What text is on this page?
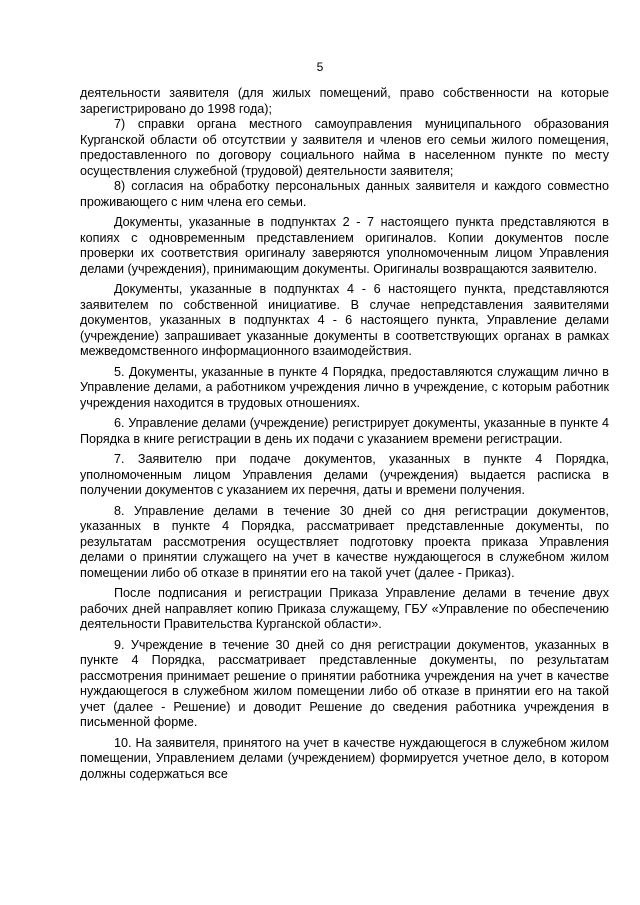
5

деятельности заявителя (для жилых помещений, право собственности на которые зарегистрировано до 1998 года);

7) справки органа местного самоуправления муниципального образования Курганской области об отсутствии у заявителя и членов его семьи жилого помещения, предоставленного по договору социального найма в населенном пункте по месту осуществления служебной (трудовой) деятельности заявителя;

8) согласия на обработку персональных данных заявителя и каждого совместно проживающего с ним члена его семьи.

Документы, указанные в подпунктах 2 - 7 настоящего пункта представляются в копиях с одновременным представлением оригиналов. Копии документов после проверки их соответствия оригиналу заверяются уполномоченным лицом Управления делами (учреждения), принимающим документы. Оригиналы возвращаются заявителю.

Документы, указанные в подпунктах 4 - 6 настоящего пункта, представляются заявителем по собственной инициативе. В случае непредставления заявителями документов, указанных в подпунктах 4 - 6 настоящего пункта, Управление делами (учреждение) запрашивает указанные документы в соответствующих органах в рамках межведомственного информационного взаимодействия.

5. Документы, указанные в пункте 4 Порядка, предоставляются служащим лично в Управление делами, а работником учреждения лично в учреждение, с которым работник учреждения находится в трудовых отношениях.

6. Управление делами (учреждение) регистрирует документы, указанные в пункте 4 Порядка в книге регистрации в день их подачи с указанием времени регистрации.

7. Заявителю при подаче документов, указанных в пункте 4 Порядка, уполномоченным лицом Управления делами (учреждения) выдается расписка в получении документов с указанием их перечня, даты и времени получения.

8. Управление делами в течение 30 дней со дня регистрации документов, указанных в пункте 4 Порядка, рассматривает представленные документы, по результатам рассмотрения осуществляет подготовку проекта приказа Управления делами о принятии служащего на учет в качестве нуждающегося в служебном жилом помещении либо об отказе в принятии его на такой учет (далее - Приказ).

После подписания и регистрации Приказа Управление делами в течение двух рабочих дней направляет копию Приказа служащему, ГБУ «Управление по обеспечению деятельности Правительства Курганской области».

9. Учреждение в течение 30 дней со дня регистрации документов, указанных в пункте 4 Порядка, рассматривает представленные документы, по результатам рассмотрения принимает решение о принятии работника учреждения на учет в качестве нуждающегося в служебном жилом помещении либо об отказе в принятии его на такой учет (далее - Решение) и доводит Решение до сведения работника учреждения в письменной форме.

10. На заявителя, принятого на учет в качестве нуждающегося в служебном жилом помещении, Управлением делами (учреждением) формируется учетное дело, в котором должны содержаться все
